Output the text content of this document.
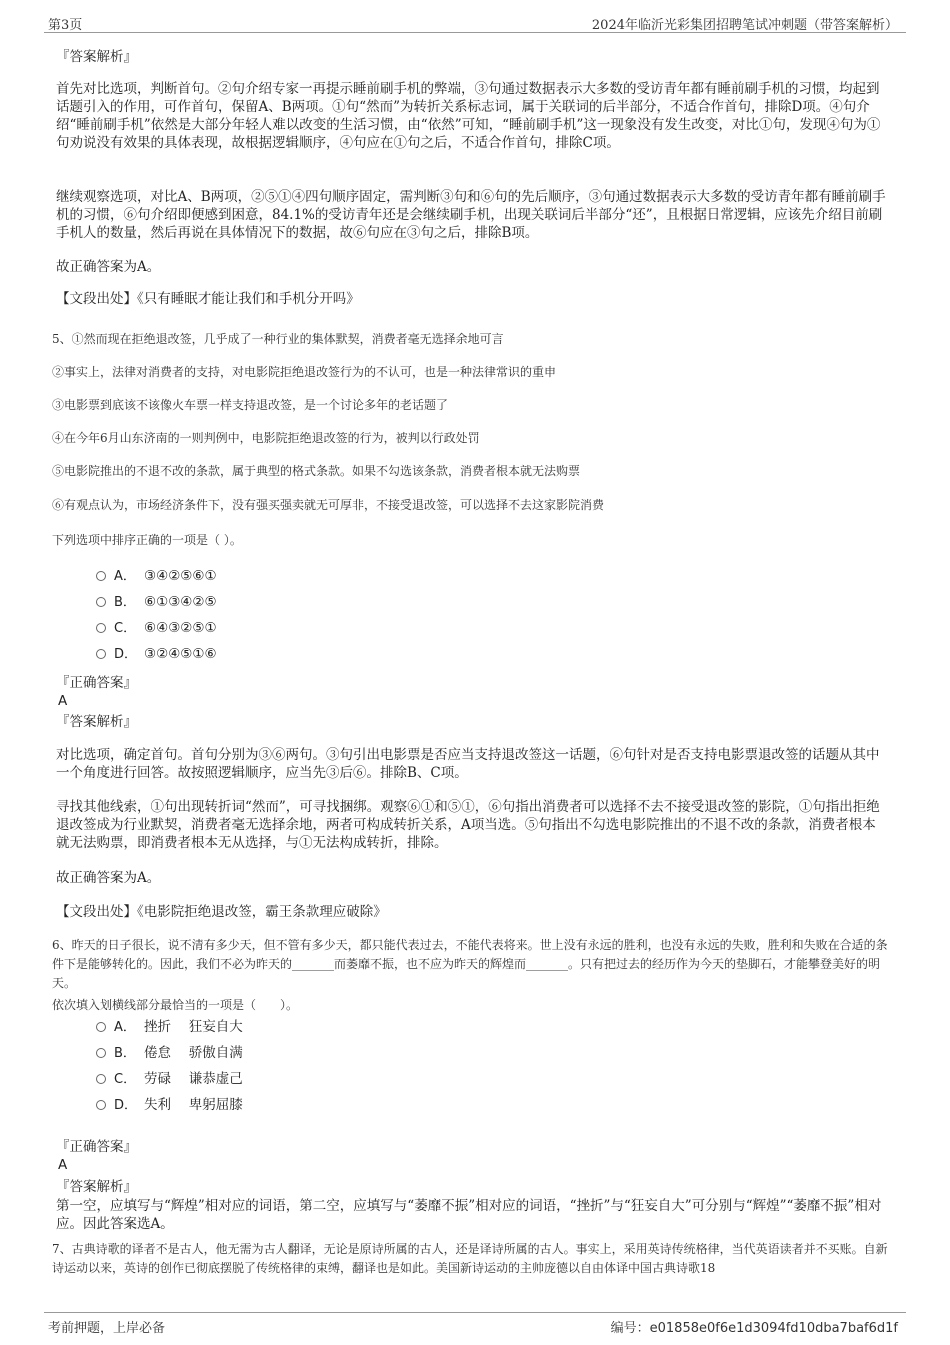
第3页	2024年临沂光彩集团招聘笔试冲刺题（带答案解析）
『答案解析』
首先对比选项，判断首句。②句介绍专家一再提示睡前刷手机的弊端，③句通过数据表示大多数的受访青年都有睡前刷手机的习惯，均起到话题引入的作用，可作首句，保留A、B两项。①句“然而”为转折关系标志词，属于关联词的后半部分，不适合作首句，排除D项。④句介绍“睡前刷手机”依然是大部分年轻人难以改变的生活习惯，由“依然”可知，“睡前刷手机”这一现象没有发生改变，对比①句，发现④句为①句劝说没有效果的具体表现，故根据逻辑顺序，④句应在①句之后，不适合作首句，排除C项。
继续观察选项，对比A、B两项，②⑤①④四句顺序固定，需判断③句和⑥句的先后顺序，③句通过数据表示大多数的受访青年都有睡前刷手机的习惯，⑥句介绍即便感到困意，84.1%的受访青年还是会继续刷手机，出现关联词后半部分“还”，且根据日常逻辑，应该先介绍目前刷手机人的数量，然后再说在具体情况下的数据，故⑥句应在③句之后，排除B项。
故正确答案为A。
【文段出处】《只有睡眠才能让我们和手机分开吗》
5、①然而现在拒绝退改签，几乎成了一种行业的集体默契，消费者毫无选择余地可言
②事实上，法律对消费者的支持，对电影院拒绝退改签行为的不认可，也是一种法律常识的重申
③电影票到底该不该像火车票一样支持退改签，是一个讨论多年的老话题了
④在今年6月山东济南的一则判例中，电影院拒绝退改签的行为，被判以行政处罚
⑤电影院推出的不退不改的条款，属于典型的格式条款。如果不勾选该条款，消费者根本就无法购票
⑥有观点认为，市场经济条件下，没有强买强卖就无可厚非，不接受退改签，可以选择不去这家影院消费
下列选项中排序正确的一项是（ ）。
A． ③④②⑤⑥①
B． ⑥①③④②⑤
C． ⑥④③②⑤①
D． ③②④⑤①⑥
『正确答案』
A
『答案解析』
对比选项，确定首句。首句分别为③⑥两句。③句引出电影票是否应当支持退改签这一话题，⑥句针对是否支持电影票退改签的话题从其中一个角度进行回答。故按照逻辑顺序，应当先③后⑥。排除B、C项。
寻找其他线索，①句出现转折词“然而”，可寻找捆绑。观察⑥①和⑤①，⑥句指出消费者可以选择不去不接受退改签的影院，①句指出拒绝退改签成为行业默契，消费者毫无选择余地，两者可构成转折关系，A项当选。⑤句指出不勾选电影院推出的不退不改的条款，消费者根本就无法购票，即消费者根本无从选择，与①无法构成转折，排除。
故正确答案为A。
【文段出处】《电影院拒绝退改签，霸王条款理应破除》
6、昨天的日子很长，说不清有多少天，但不管有多少天，都只能代表过去，不能代表将来。世上没有永远的胜利，也没有永远的失败，胜利和失败在合适的条件下是能够转化的。因此，我们不必为昨天的_______而萎靡不振，也不应为昨天的辉煌而_______。只有把过去的经历作为今天的垫脚石，才能攀登美好的明天。
依次填入划横线部分最恰当的一项是（　　）。
A． 挫折　 狂妄自大
B． 倦怠　 骄傲自满
C． 劳碌　 谦恭虚己
D． 失利　 卑躬屈膝
『正确答案』
A
『答案解析』
第一空，应填写与“辉煌”相对应的词语，第二空，应填写与“萎靡不振”相对应的词语，“挫折”与“狂妄自大”可分别与“辉煌”“萎靡不振”相对应。因此答案选A。
7、古典诗歌的译者不是古人，他无需为古人翻译，无论是原诗所属的古人，还是译诗所属的古人。事实上，采用英诗传统格律，当代英语读者并不买账。自新诗运动以来，英诗的创作已彻底摆脱了传统格律的束缚，翻译也是如此。美国新诗运动的主帅庞德以自由体译中国古典诗歌18
考前押题，上岸必备	编号：e01858e0f6e1d3094fd10dba7baf6d1f
